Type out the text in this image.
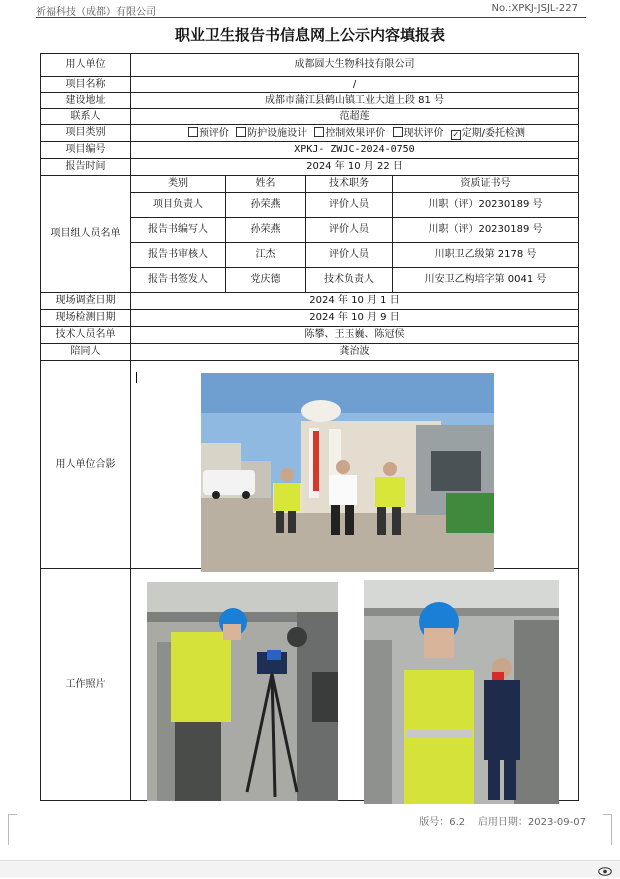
祈福科技（成都）有限公司	No.:XPKJ-JSJL-227
职业卫生报告书信息网上公示内容填报表
用人单位	成都圆大生物科技有限公司			
项目名称	/			
建设地址	成都市蒲江县鹤山镇工业大道上段 81 号			
联系人	范超莲			
项目类别	预评价 防护设施设计 控制效果评价 现状评价 ✓ 定期/委托检测			
项目编号	XPKJ- ZWJC-2024-0750			
报告时间	2024 年 10 月 22 日			
项目组人员名单	类别	姓名	技术职务	资质证书号
	项目负责人	孙荣燕	评价人员	川职（评）20230189 号
	报告书编写人	孙荣燕	评价人员	川职（评）20230189 号
	报告书审核人	江杰	评价人员	川职卫乙级第 2178 号
	报告书签发人	党庆德	技术负责人	川安卫乙构培字第 0041 号
现场调查日期	2024 年 10 月 1 日			
现场检测日期	2024 年 10 月 9 日			
技术人员名单	陈攀、王玉巍、陈冠侯			
陪同人	龚治波			
用人单位合影				
工作照片				
版号：6.2 启用日期：2023-09-07
